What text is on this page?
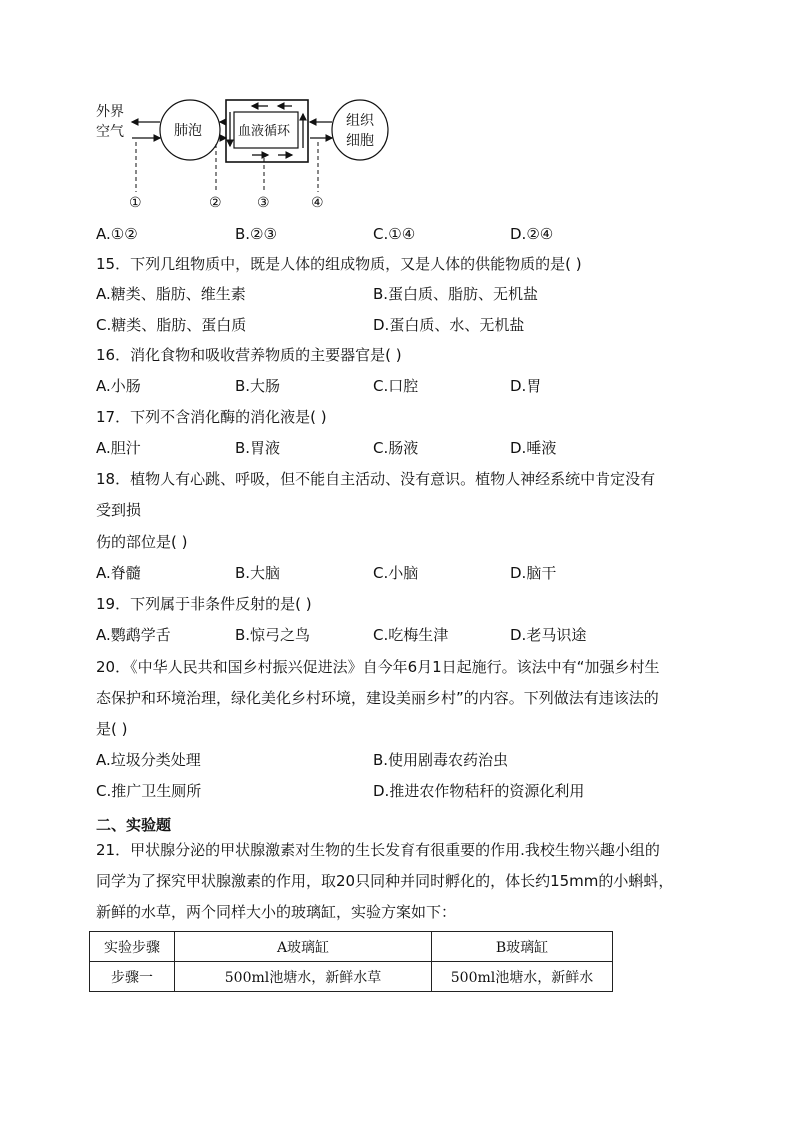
外界
空气	肺泡	血液循环
组织
细胞
①	②	③	④
A.①②	B.②③	C.①④	D.②④
15．下列几组物质中，既是人体的组成物质，又是人体的供能物质的是( )
A.糖类、脂肪、维生素	B.蛋白质、脂肪、无机盐
C.糖类、脂肪、蛋白质	D.蛋白质、水、无机盐
16．消化食物和吸收营养物质的主要器官是( )
A.小肠	B.大肠	C.口腔	D.胃
17．下列不含消化酶的消化液是( )
A.胆汁	B.胃液	C.肠液	D.唾液
18．植物人有心跳、呼吸，但不能自主活动、没有意识。植物人神经系统中肯定没有
受到损
伤的部位是( )
A.脊髓	B.大脑	C.小脑	D.脑干
19．下列属于非条件反射的是( )
A.鹦鹉学舌	B.惊弓之鸟	C.吃梅生津	D.老马识途
20．《中华人民共和国乡村振兴促进法》自今年6月1日起施行。该法中有“加强乡村生
态保护和环境治理，绿化美化乡村环境，建设美丽乡村”的内容。下列做法有违该法的
是( )
A.垃圾分类处理	B.使用剧毒农药治虫
C.推广卫生厕所	D.推进农作物秸秆的资源化利用
二、实验题
21．甲状腺分泌的甲状腺激素对生物的生长发育有很重要的作用.我校生物兴趣小组的
同学为了探究甲状腺激素的作用，取20只同种并同时孵化的，体长约15mm的小蝌蚪，
新鲜的水草，两个同样大小的玻璃缸，实验方案如下：
实验步骤	A玻璃缸	B玻璃缸
步骤一	500ml池塘水，新鲜水草	500ml池塘水，新鲜水
